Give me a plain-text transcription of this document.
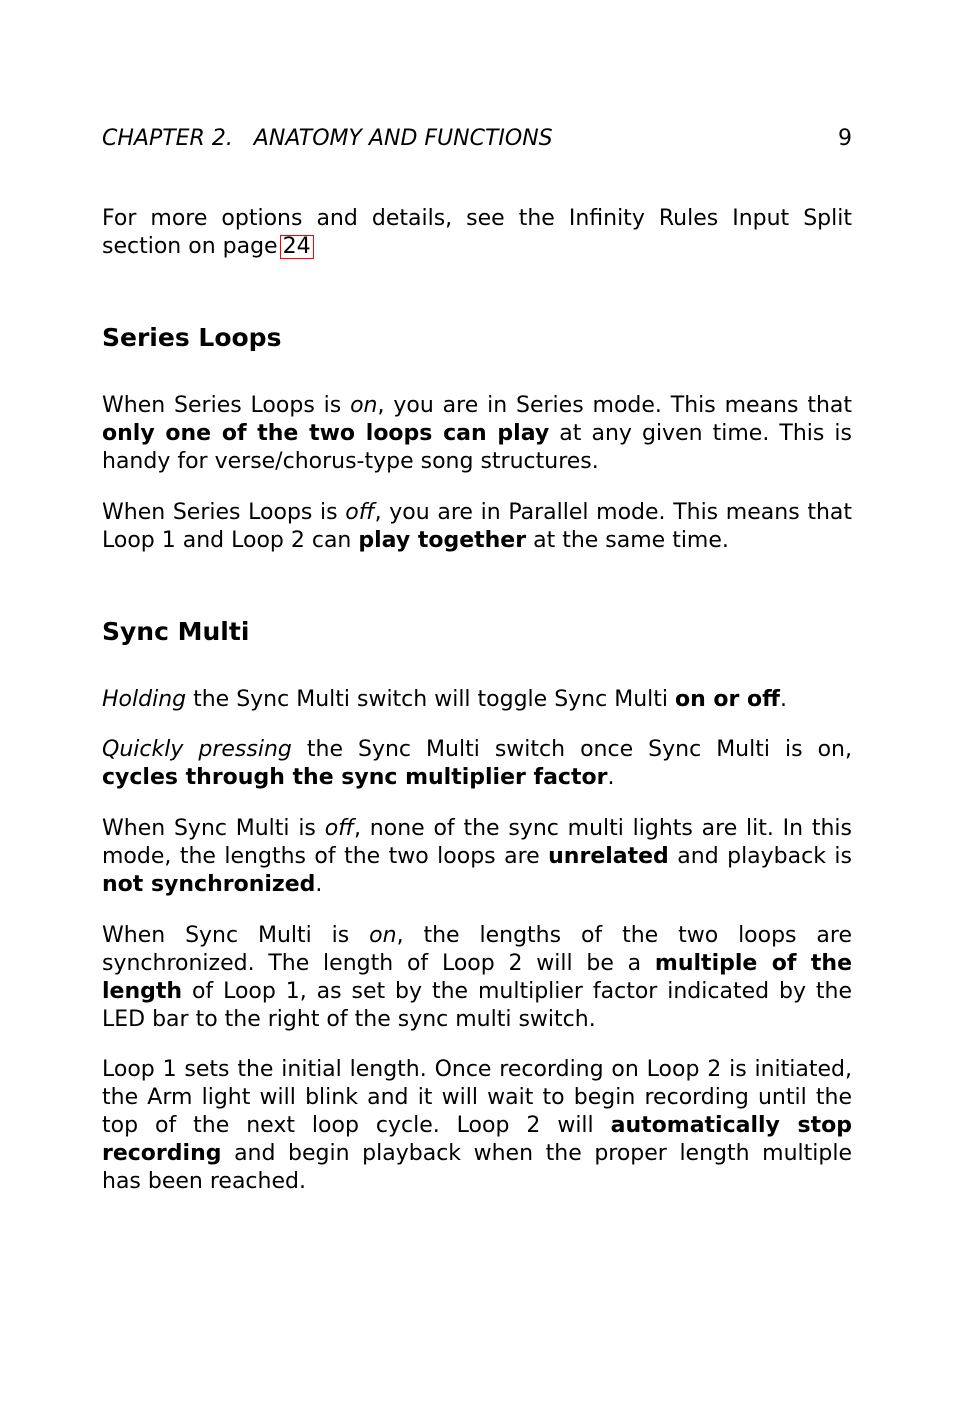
CHAPTER 2.   ANATOMY AND FUNCTIONS	9

For more options and details, see the Infinity Rules Input Split section on page 24

Series Loops

When Series Loops is on, you are in Series mode. This means that only one of the two loops can play at any given time. This is handy for verse/chorus-type song structures.

When Series Loops is off, you are in Parallel mode. This means that Loop 1 and Loop 2 can play together at the same time.

Sync Multi

Holding the Sync Multi switch will toggle Sync Multi on or off.

Quickly pressing the Sync Multi switch once Sync Multi is on, cycles through the sync multiplier factor.

When Sync Multi is off, none of the sync multi lights are lit. In this mode, the lengths of the two loops are unrelated and playback is not synchronized.

When Sync Multi is on, the lengths of the two loops are synchronized. The length of Loop 2 will be a multiple of the length of Loop 1, as set by the multiplier factor indicated by the LED bar to the right of the sync multi switch.

Loop 1 sets the initial length. Once recording on Loop 2 is initiated, the Arm light will blink and it will wait to begin recording until the top of the next loop cycle. Loop 2 will automatically stop recording and begin playback when the proper length multiple has been reached.
